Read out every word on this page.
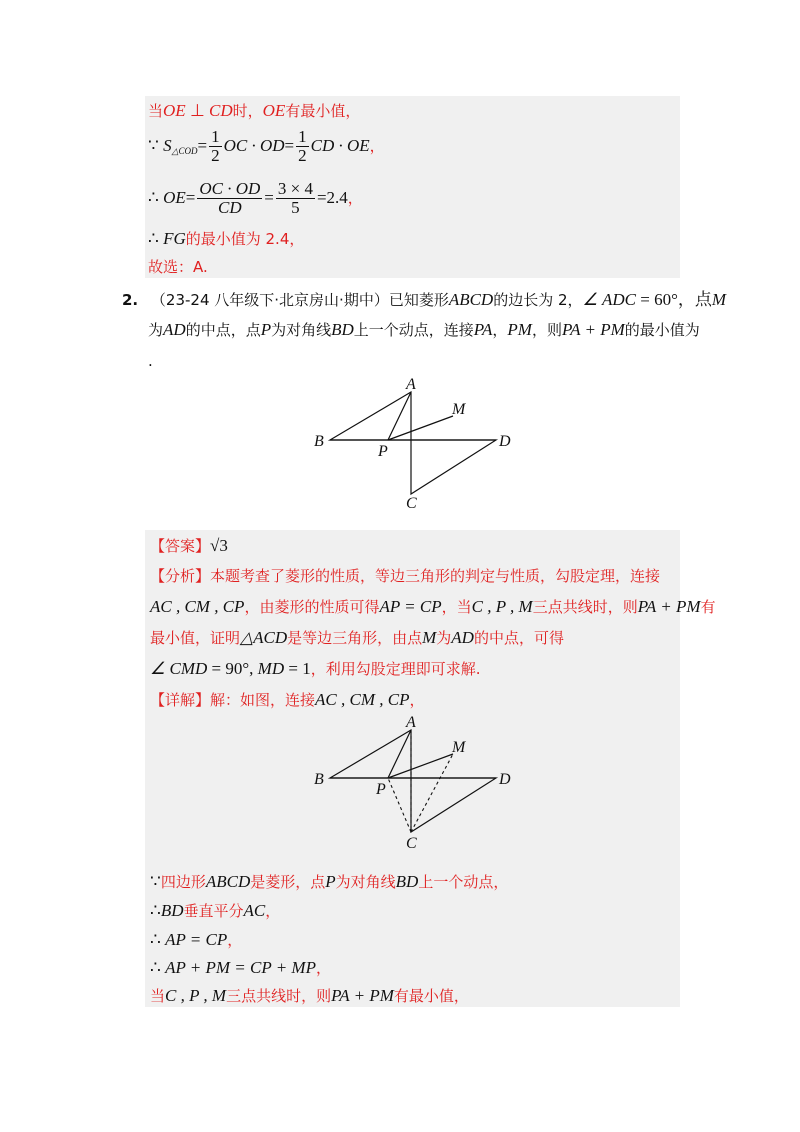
当OE ⊥ CD时，OE有最小值，
∵ $S_{\triangle COD}= \frac{1}{2}$ OC · $OD= \frac{1}{2}$ CD · OE，
∴ $OE= \frac{OC \cdot OD}{CD} = \frac{3 \times 4}{5} =2.4$，
∴ FG的最小值为 2.4，
故选：A.
2. （23-24 八年级下·北京房山·期中）已知菱形ABCD的边长为 2，∠ ADC = 60°，点M
为AD的中点，点P为对角线BD上一个动点，连接PA，PM，则PA + PM的最小值为
.
A
B
C
D
M
P
【答案】√3
【分析】本题考查了菱形的性质，等边三角形的判定与性质，勾股定理，连接
AC , CM , CP，由菱形的性质可得AP = CP，当C , P , M三点共线时，则PA + PM有
最小值，证明△ACD是等边三角形，由点M为AD的中点，可得
∠ CMD = 90°, MD = 1，利用勾股定理即可求解.
【详解】解：如图，连接AC , CM , CP，
A
B
C
D
M
P
∵四边形ABCD是菱形，点P为对角线BD上一个动点，
∴BD垂直平分AC，
∴ AP = CP，
∴ AP + PM = CP + MP，
当C , P , M三点共线时，则PA + PM有最小值，
